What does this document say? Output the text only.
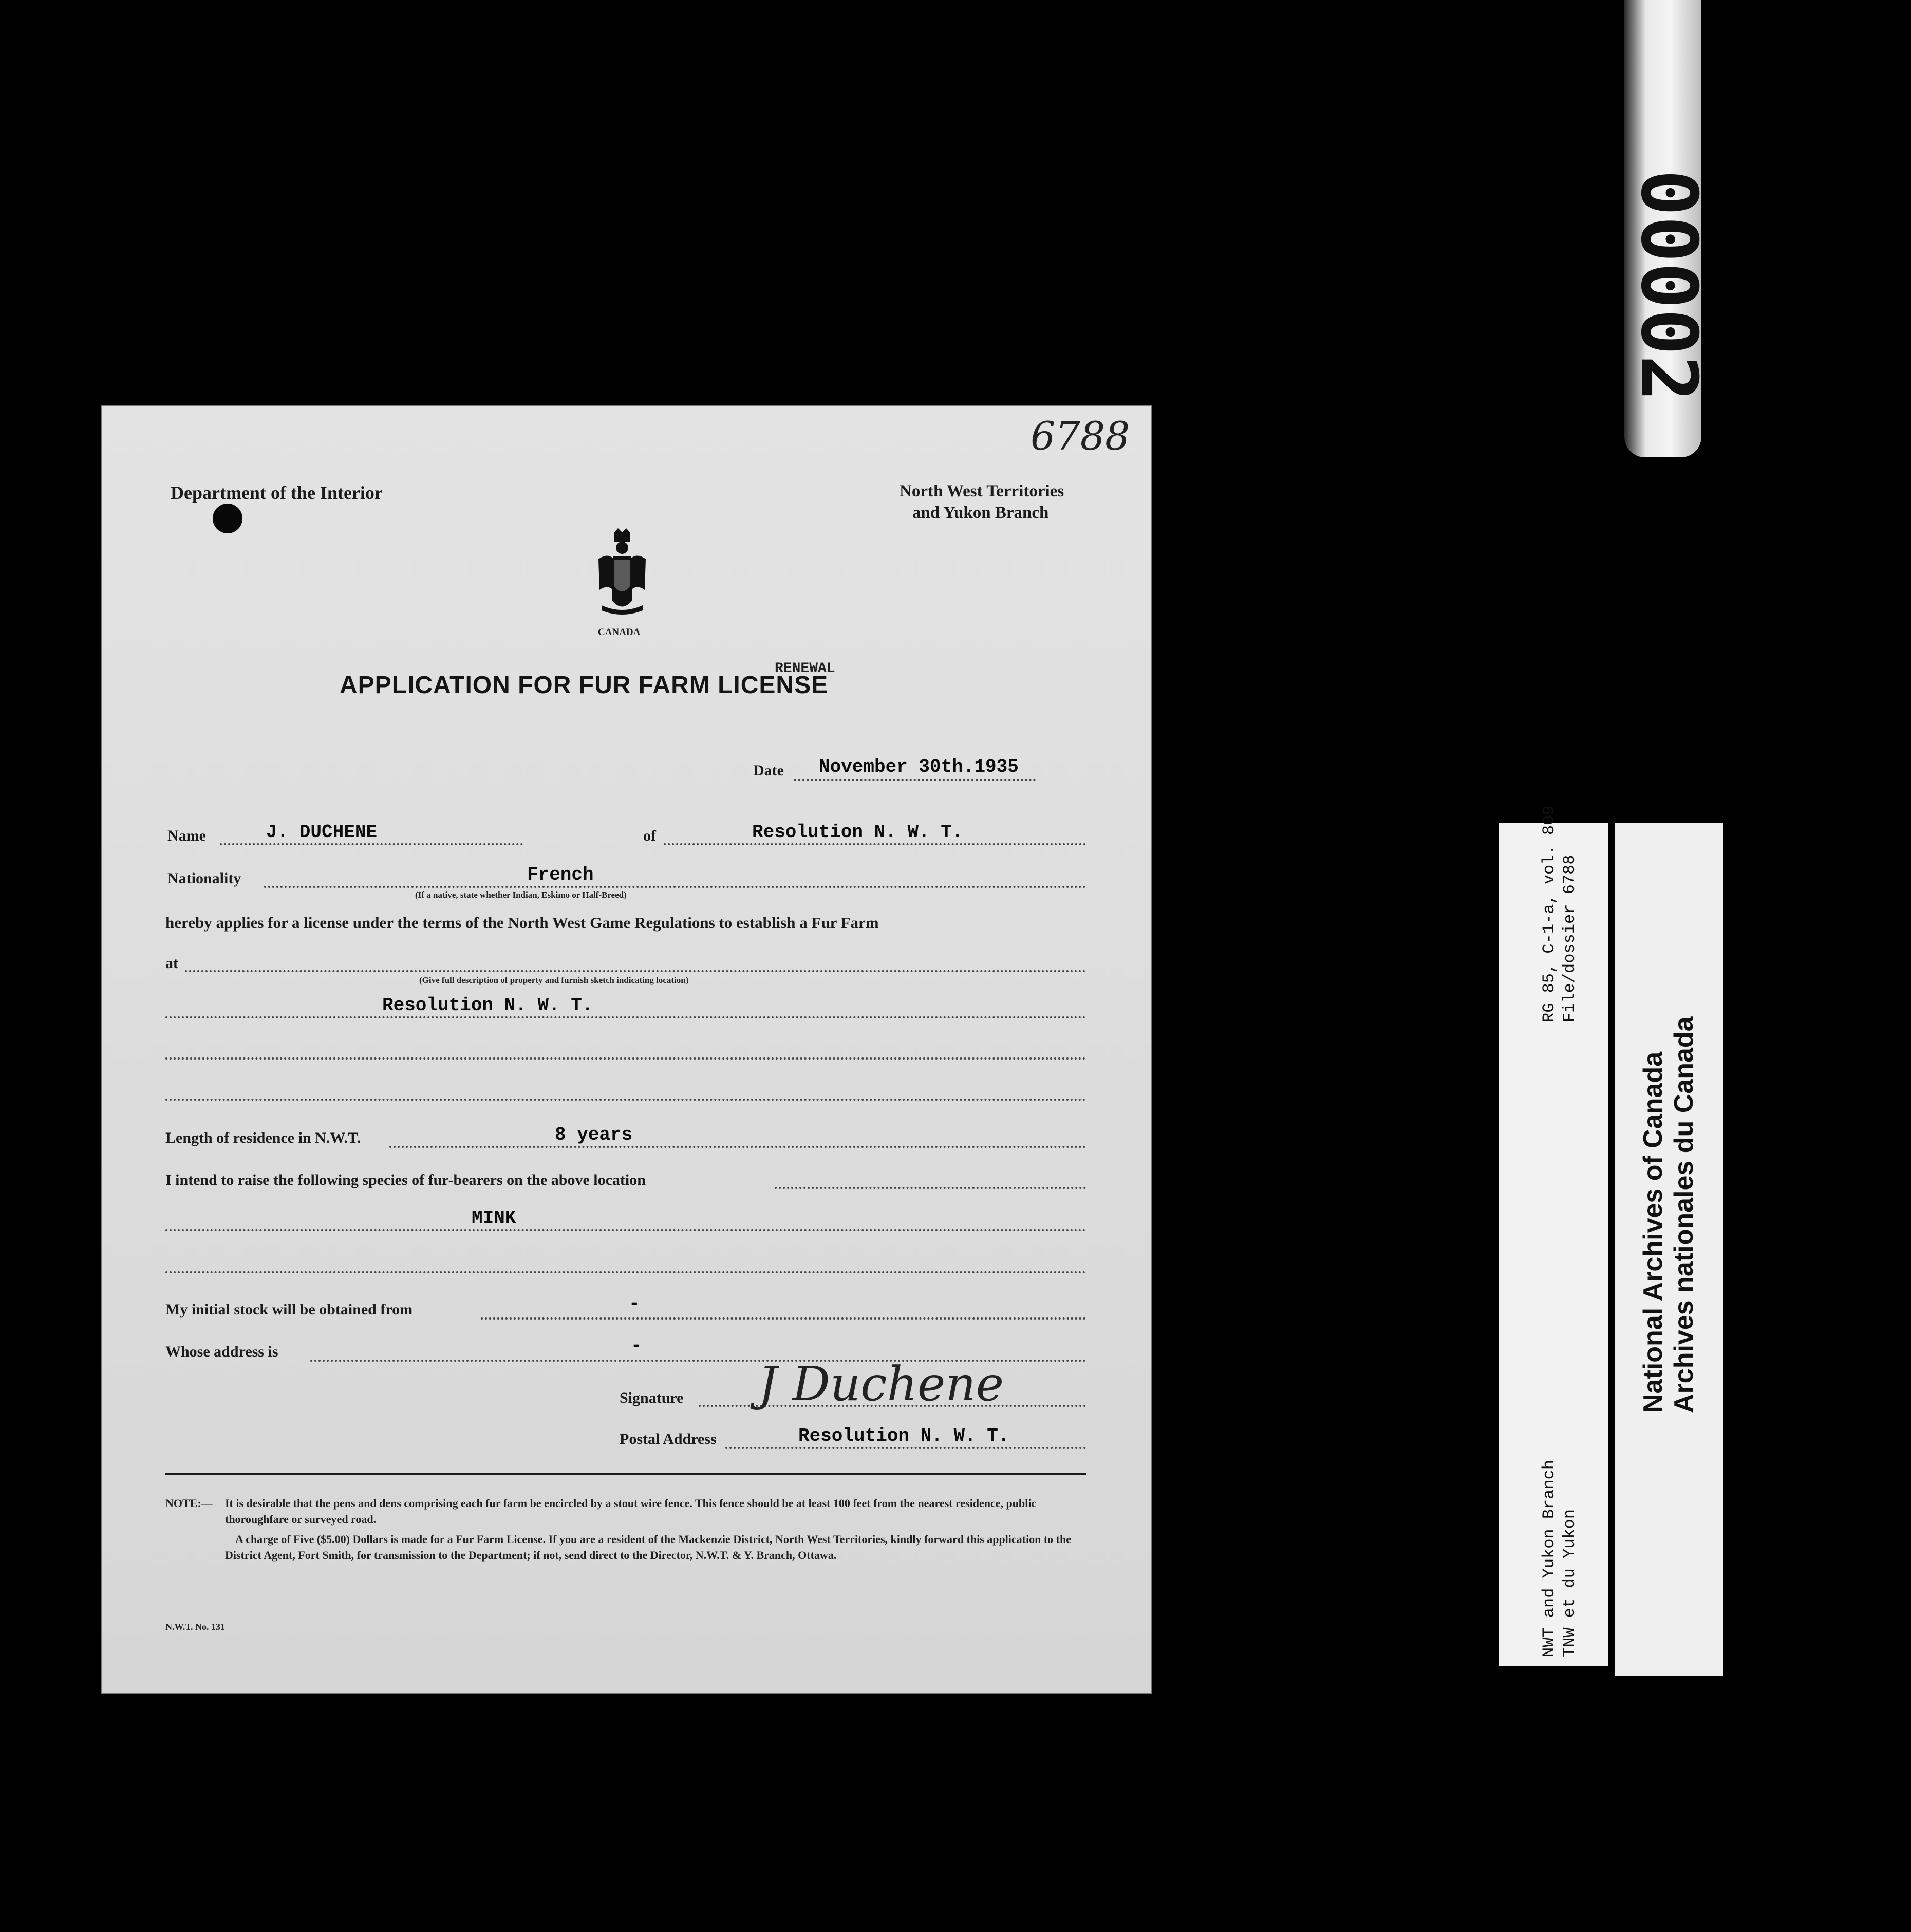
00002
6788
Department of the Interior	North West Territories
and Yukon Branch
CANADA
RENEWAL
APPLICATION FOR FUR FARM LICENSE
Date November 30th.1935
Name	J. DUCHENE	of	Resolution N. W. T.
Nationality	French
(If a native, state whether Indian, Eskimo or Half-Breed)
hereby applies for a license under the terms of the North West Game Regulations to establish a Fur Farm
at
(Give full description of property and furnish sketch indicating location)
Resolution N. W. T.
Length of residence in N.W.T.	8 years
I intend to raise the following species of fur-bearers on the above location
MINK
My initial stock will be obtained from	-
Whose address is	-
Signature J Duchene
Postal Address	Resolution N. W. T.
NOTE:—	It is desirable that the pens and dens comprising each fur farm be encircled by a stout wire fence. This fence should be at least 100 feet from the nearest residence, public thoroughfare or surveyed road.
A charge of Five ($5.00) Dollars is made for a Fur Farm License. If you are a resident of the Mackenzie District, North West Territories, kindly forward this application to the District Agent, Fort Smith, for transmission to the Department; if not, send direct to the Director, N.W.T. & Y. Branch, Ottawa.
N.W.T. No. 131
RG 85, C-1-a, vol. 809 File/dossier 6788
NWT and Yukon Branch TNW et du Yukon
National Archives of Canada Archives nationales du Canada
